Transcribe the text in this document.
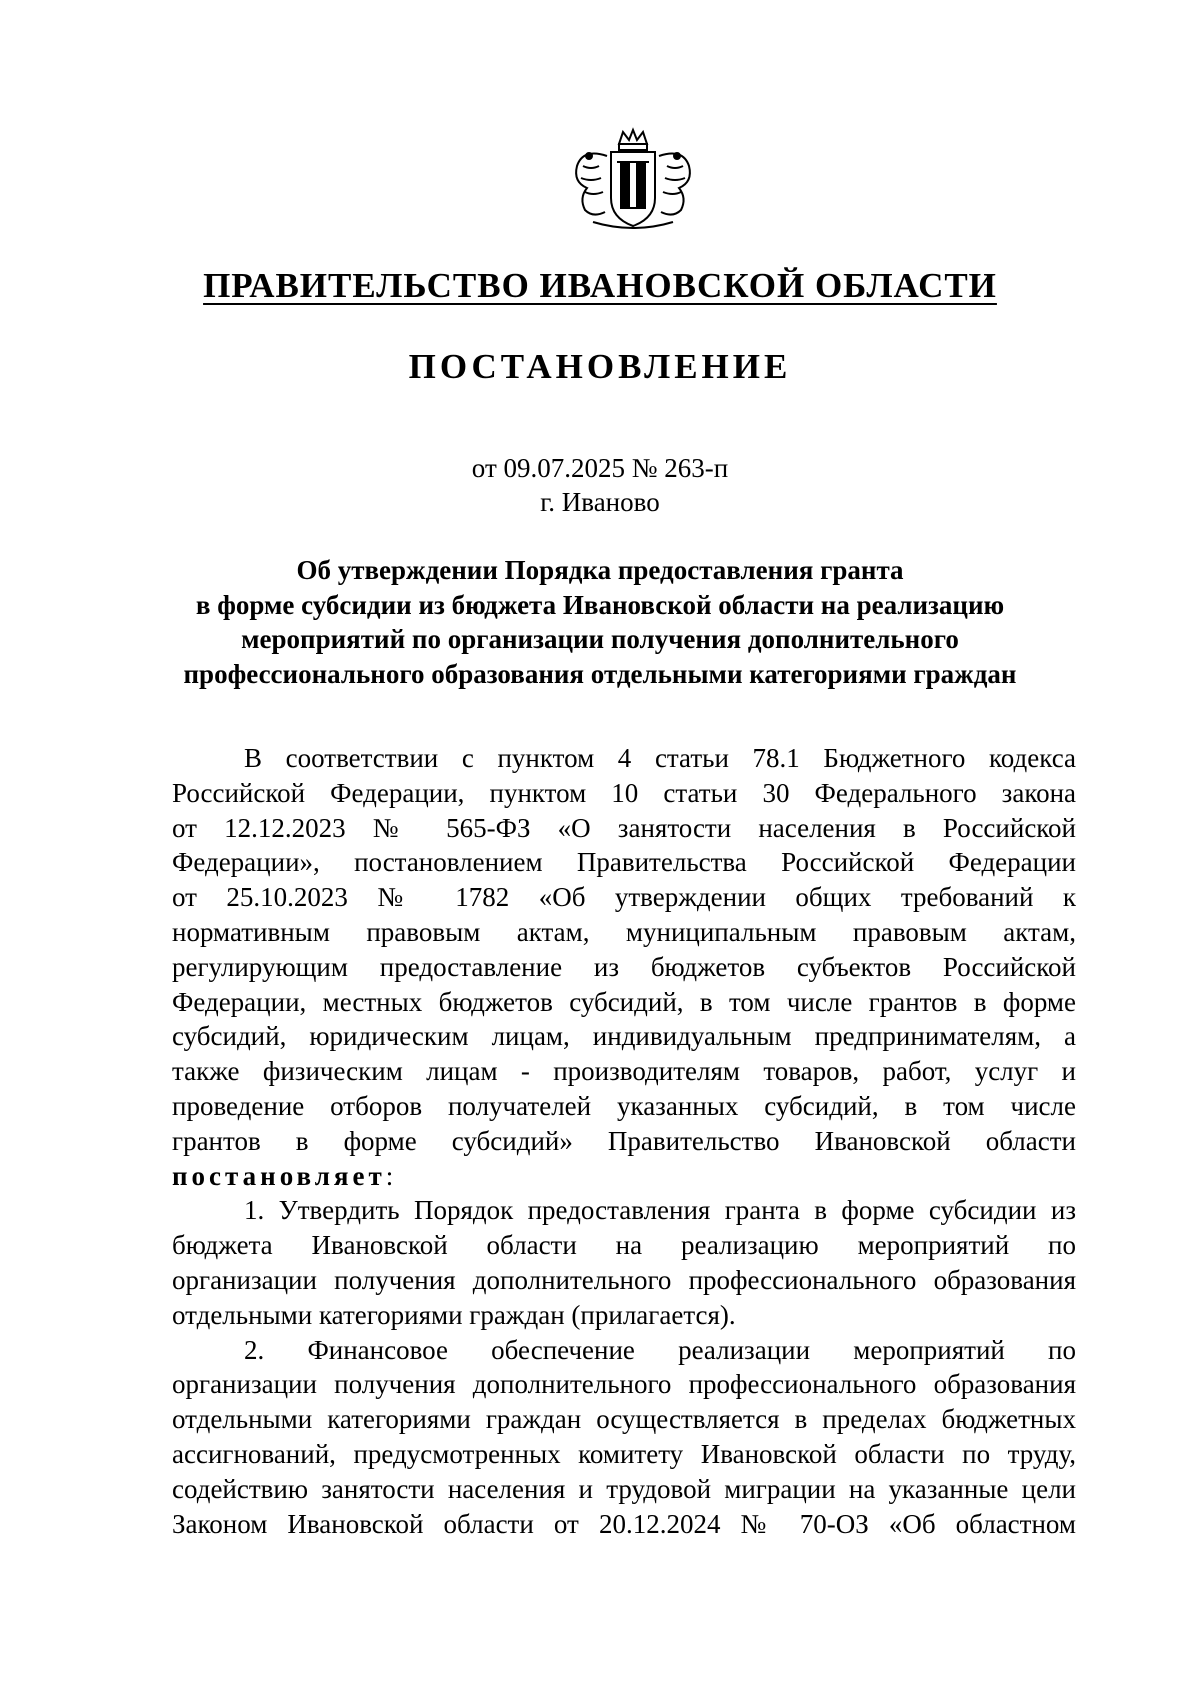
ПРАВИТЕЛЬСТВО ИВАНОВСКОЙ ОБЛАСТИ
ПОСТАНОВЛЕНИЕ
от 09.07.2025 № 263-п
г. Иваново
Об утверждении Порядка предоставления гранта
в форме субсидии из бюджета Ивановской области на реализацию
мероприятий по организации получения дополнительного
профессионального образования отдельными категориями граждан
В соответствии с пунктом 4 статьи 78.1 Бюджетного кодекса
Российской Федерации, пунктом 10 статьи 30 Федерального закона
от 12.12.2023 № 565-ФЗ «О занятости населения в Российской
Федерации», постановлением Правительства Российской Федерации
от 25.10.2023 № 1782 «Об утверждении общих требований к
нормативным правовым актам, муниципальным правовым актам,
регулирующим предоставление из бюджетов субъектов Российской
Федерации, местных бюджетов субсидий, в том числе грантов в форме
субсидий, юридическим лицам, индивидуальным предпринимателям, а
также физическим лицам - производителям товаров, работ, услуг и
проведение отборов получателей указанных субсидий, в том числе
грантов в форме субсидий» Правительство Ивановской области
постановляет:
1. Утвердить Порядок предоставления гранта в форме субсидии из
бюджета Ивановской области на реализацию мероприятий по
организации получения дополнительного профессионального образования
отдельными категориями граждан (прилагается).
2. Финансовое обеспечение реализации мероприятий по
организации получения дополнительного профессионального образования
отдельными категориями граждан осуществляется в пределах бюджетных
ассигнований, предусмотренных комитету Ивановской области по труду,
содействию занятости населения и трудовой миграции на указанные цели
Законом Ивановской области от 20.12.2024 № 70-ОЗ «Об областном
